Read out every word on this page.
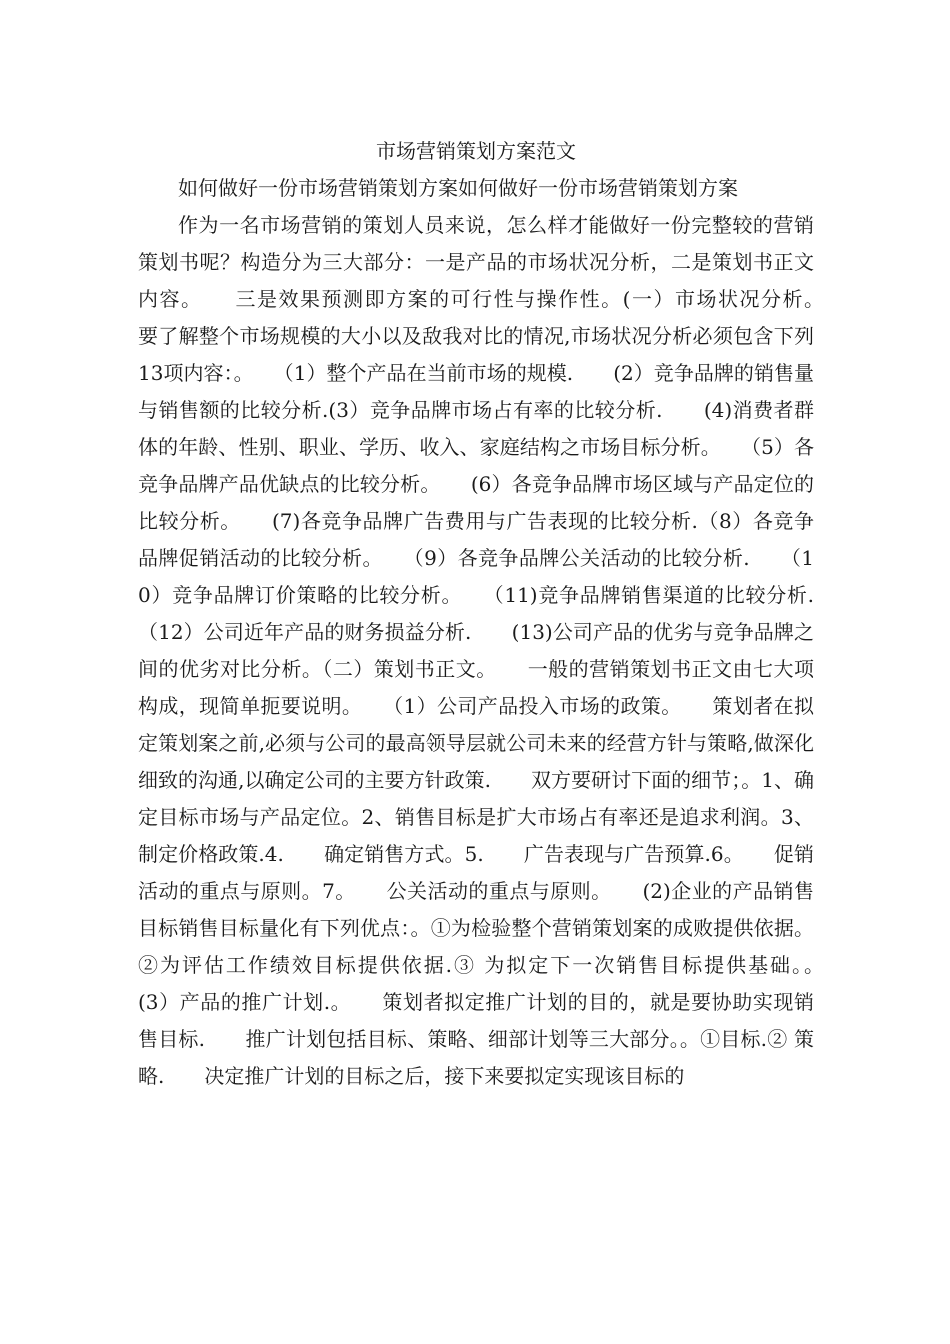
市场营销策划方案范文

如何做好一份市场营销策划方案如何做好一份市场营销策划方案

作为一名市场营销的策划人员来说，怎么样才能做好一份完整较的营销策划书呢？构造分为三大部分：一是产品的市场状况分析，二是策划书正文内容。　　三是效果预测即方案的可行性与操作性。(一）市场状况分析。　　要了解整个市场规模的大小以及敌我对比的情况,市场状况分析必须包含下列13项内容：。　　（1）整个产品在当前市场的规模.　　(2）竞争品牌的销售量与销售额的比较分析.(3）竞争品牌市场占有率的比较分析.　　(4)消费者群体的年龄、性别、职业、学历、收入、家庭结构之市场目标分析。　　（5）各竞争品牌产品优缺点的比较分析。　　(6）各竞争品牌市场区域与产品定位的比较分析。　　(7)各竞争品牌广告费用与广告表现的比较分析.（8）各竞争品牌促销活动的比较分析。　　（9）各竞争品牌公关活动的比较分析.　　（10）竞争品牌订价策略的比较分析。　　（11)竞争品牌销售渠道的比较分析.　　（12）公司近年产品的财务损益分析.　　(13)公司产品的优劣与竞争品牌之间的优劣对比分析。（二）策划书正文。　　一般的营销策划书正文由七大项构成，现简单扼要说明。　　（1）公司产品投入市场的政策。　　策划者在拟定策划案之前,必须与公司的最高领导层就公司未来的经营方针与策略,做深化细致的沟通,以确定公司的主要方针政策.　　双方要研讨下面的细节；。1、确定目标市场与产品定位。2、销售目标是扩大市场占有率还是追求利润。3、制定价格政策.4.　　确定销售方式。5.　　广告表现与广告预算.6。　　促销活动的重点与原则。7。　　公关活动的重点与原则。　　(2)企业的产品销售目标销售目标量化有下列优点：。①为检验整个营销策划案的成败提供依据。②为评估工作绩效目标提供依据.③ 为拟定下一次销售目标提供基础。。　　(3）产品的推广计划.。　　策划者拟定推广计划的目的，就是要协助实现销售目标.　　推广计划包括目标、策略、细部计划等三大部分。。①目标.② 策略.　　决定推广计划的目标之后，接下来要拟定实现该目标的
